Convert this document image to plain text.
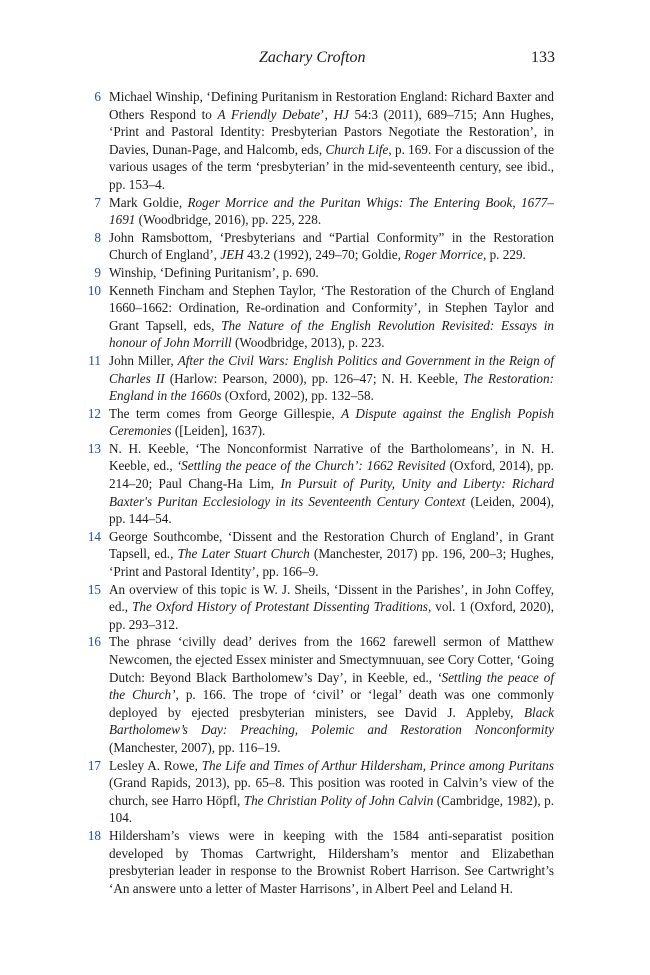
Zachary Crofton	133
6 Michael Winship, ‘Defining Puritanism in Restoration England: Richard Baxter and Others Respond to A Friendly Debate’, HJ 54:3 (2011), 689–715; Ann Hughes, ‘Print and Pastoral Identity: Presbyterian Pastors Negotiate the Restoration’, in Davies, Dunan-Page, and Halcomb, eds, Church Life, p. 169. For a discussion of the various usages of the term ‘presbyterian’ in the mid-seventeenth century, see ibid., pp. 153–4.
7 Mark Goldie, Roger Morrice and the Puritan Whigs: The Entering Book, 1677–1691 (Woodbridge, 2016), pp. 225, 228.
8 John Ramsbottom, ‘Presbyterians and “Partial Conformity” in the Restoration Church of England’, JEH 43.2 (1992), 249–70; Goldie, Roger Morrice, p. 229.
9 Winship, ‘Defining Puritanism’, p. 690.
10 Kenneth Fincham and Stephen Taylor, ‘The Restoration of the Church of England 1660–1662: Ordination, Re-ordination and Conformity’, in Stephen Taylor and Grant Tapsell, eds, The Nature of the English Revolution Revisited: Essays in honour of John Morrill (Woodbridge, 2013), p. 223.
11 John Miller, After the Civil Wars: English Politics and Government in the Reign of Charles II (Harlow: Pearson, 2000), pp. 126–47; N. H. Keeble, The Restoration: England in the 1660s (Oxford, 2002), pp. 132–58.
12 The term comes from George Gillespie, A Dispute against the English Popish Ceremonies ([Leiden], 1637).
13 N. H. Keeble, ‘The Nonconformist Narrative of the Bartholomeans’, in N. H. Keeble, ed., ‘Settling the peace of the Church’: 1662 Revisited (Oxford, 2014), pp. 214–20; Paul Chang-Ha Lim, In Pursuit of Purity, Unity and Liberty: Richard Baxter's Puritan Ecclesiology in its Seventeenth Century Context (Leiden, 2004), pp. 144–54.
14 George Southcombe, ‘Dissent and the Restoration Church of England’, in Grant Tapsell, ed., The Later Stuart Church (Manchester, 2017) pp. 196, 200–3; Hughes, ‘Print and Pastoral Identity’, pp. 166–9.
15 An overview of this topic is W. J. Sheils, ‘Dissent in the Parishes’, in John Coffey, ed., The Oxford History of Protestant Dissenting Traditions, vol. 1 (Oxford, 2020), pp. 293–312.
16 The phrase ‘civilly dead’ derives from the 1662 farewell sermon of Matthew Newcomen, the ejected Essex minister and Smectymnuuan, see Cory Cotter, ‘Going Dutch: Beyond Black Bartholomew’s Day’, in Keeble, ed., ‘Settling the peace of the Church’, p. 166. The trope of ‘civil’ or ‘legal’ death was one commonly deployed by ejected presbyterian ministers, see David J. Appleby, Black Bartholomew’s Day: Preaching, Polemic and Restoration Nonconformity (Manchester, 2007), pp. 116–19.
17 Lesley A. Rowe, The Life and Times of Arthur Hildersham, Prince among Puritans (Grand Rapids, 2013), pp. 65–8. This position was rooted in Calvin’s view of the church, see Harro Höpfl, The Christian Polity of John Calvin (Cambridge, 1982), p. 104.
18 Hildersham’s views were in keeping with the 1584 anti-separatist position developed by Thomas Cartwright, Hildersham’s mentor and Elizabethan presbyterian leader in response to the Brownist Robert Harrison. See Cartwright’s ‘An answere unto a letter of Master Harrisons’, in Albert Peel and Leland H.
